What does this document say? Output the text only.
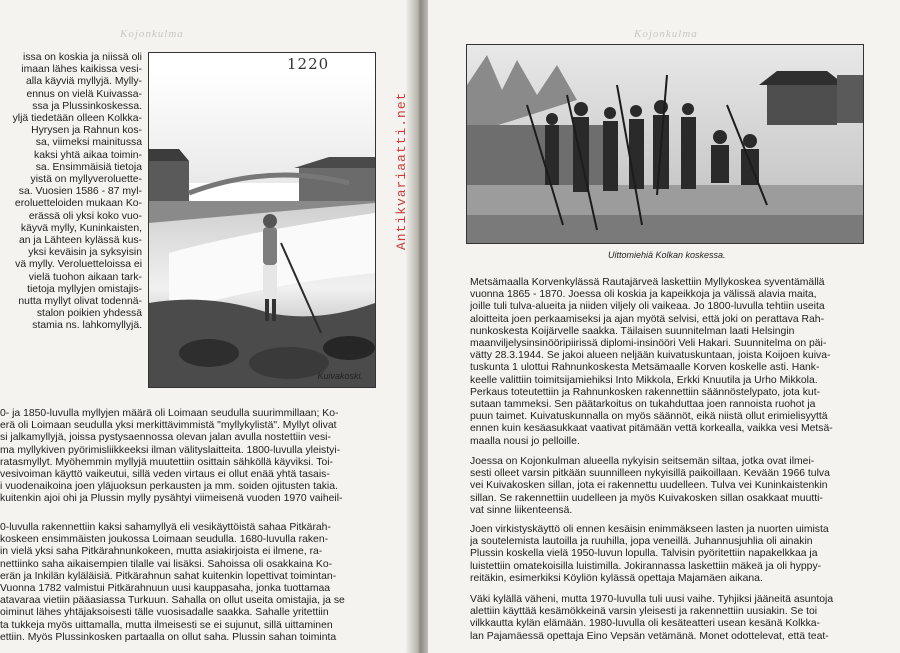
Kojonkulma
issa on koskia ja niissä oli
imaan lähes kaikissa vesi-
alla käyviä myllyjä. Mylly-
ennus on vielä Kuivassa-
ssa ja Plussinkoskessa.
yljä tiedetään olleen Kolkka-
Hyrysen ja Rahnun kos-
sa, viimeksi mainitussa
kaksi yhtä aikaa toimin-
sa. Ensimmäisiä tietoja
yistä on myllyveroluette-
sa. Vuosien 1586 - 87 myl-
eroluetteloiden mukaan Ko-
erässä oli yksi koko vuo-
käyvä mylly, Kuninkaisten,
an ja Lähteen kylässä kus-
yksi keväisin ja syksyisin
vä mylly. Veroluetteloissa ei
vielä tuohon aikaan tark-
tietoja myllyjen omistajis-
nutta myllyt olivat todennä-
stalon poikien yhdessä
stamia ns. lahkomyllyjä.
1220
Kuivakoski.
0- ja 1850-luvulla myllyjen määrä oli Loimaan seudulla suurimmillaan; Ko-
erä oli Loimaan seudulla yksi merkittävimmistä "myllykylistä". Myllyt olivat
si jalkamyllyjä, joissa pystysaennossa olevan jalan avulla nostettiin vesi-
ma myllykiven pyörimisliikkeeksi ilman välityslaitteita. 1800-luvulla yleistyi-
ratasmyllyt. Myöhemmin myllyjä muutettiin osittain sähköllä käyviksi. Toi-
vesivoiman käyttö vaikeutui, sillä veden virtaus ei ollut enää yhtä tasais-
i vuodenaikoina joen yläjuoksun perkausten ja mm. soiden ojitusten takia.
kuitenkin ajoi ohi ja Plussin mylly pysähtyi viimeisenä vuoden 1970 vaiheil-
0-luvulla rakennettiin kaksi sahamyllyä eli vesikäyttöistä sahaa Pitkärah-
koskeen ensimmäisten joukossa Loimaan seudulla. 1680-luvulla raken-
in vielä yksi saha Pitkärahnunkokeen, mutta asiakirjoista ei ilmene, ra-
nettiinko saha aikaisempien tilalle vai lisäksi. Sahoissa oli osakkaina Ko-
erän ja Inkilän kyläläisiä. Pitkärahnun sahat kuitenkin lopettivat toimintan-
Vuonna 1782 valmistui Pitkärahnuun uusi kauppasaha, jonka tuottamaa
atavaraa vietiin pääasiassa Turkuun. Sahalla on ollut useita omistajia, ja se
oiminut lähes yhtäjaksoisesti tälle vuosisadalle saakka. Sahalle yritettiin
ta tukkeja myös uittamalla, mutta ilmeisesti se ei sujunut, sillä uittaminen
ettiin. Myös Plussinkosken partaalla on ollut saha. Plussin sahan toiminta
Kojonkulma
Uittomiehiä Kolkan koskessa.
Metsämaalla Korvenkylässä Rautajärveä laskettiin Myllykoskea syventämällä
vuonna 1865 - 1870. Joessa oli koskia ja kapeikkoja ja välissä alavia maita,
joille tuli tulva-alueita ja niiden viljely oli vaikeaa. Jo 1800-luvulla tehtiin useita
aloitteita joen perkaamiseksi ja ajan myötä selvisi, että joki on perattava Rah-
nunkoskesta Koijärvelle saakka. Täilaisen suunnitelman laati Helsingin
maanviljelysinsinööripiirissä diplomi-insinööri Veli Hakari. Suunnitelma on päi-
vätty 28.3.1944. Se jakoi alueen neljään kuivatuskuntaan, joista Koijoen kuiva-
tuskunta 1 ulottui Rahnunkoskesta Metsämaalle Korven koskelle asti. Hank-
keelle valittiin toimitsijamiehiksi Into Mikkola, Erkki Knuutila ja Urho Mikkola.
Perkaus toteutettiin ja Rahnunkosken rakennettiin säännöstelypato, jota kut-
sutaan tammeksi. Sen päätarkoitus on tukahduttaa joen rannoista ruohot ja
puun taimet. Kuivatuskunnalla on myös säännöt, eikä niistä ollut erimielisyyttä
ennen kuin kesäasukkaat vaativat pitämään vettä korkealla, vaikka vesi Metsä-
maalla nousi jo pelloille.
Joessa on Kojonkulman alueella nykyisin seitsemän siltaa, jotka ovat ilmei-
sesti olleet varsin pitkään suunnilleen nykyisillä paikoillaan. Kevään 1966 tulva
vei Kuivakosken sillan, jota ei rakennettu uudelleen. Tulva vei Kuninkaistenkin
sillan. Se rakennettiin uudelleen ja myös Kuivakosken sillan osakkaat muutti-
vat sinne liikenteensä.
Joen virkistyskäyttö oli ennen kesäisin enimmäkseen lasten ja nuorten uimista
ja soutelemista lautoilla ja ruuhilla, jopa veneillä. Juhannusjuhlia oli ainakin
Plussin koskella vielä 1950-luvun lopulla. Talvisin pyöritettiin napakelkkaa ja
luistettiin omatekoisilla luistimilla. Jokirannassa laskettiin mäkeä ja oli hyppy-
reitäkin, esimerkiksi Köyliön kylässä opettaja Majamäen aikana.
Väki kylällä väheni, mutta 1970-luvulla tuli uusi vaihe. Tyhjiksi jääneitä asuntoja
alettiin käyttää kesämökkeinä varsin yleisesti ja rakennettiin uusiakin. Se toi
vilkkautta kylän elämään. 1980-luvulla oli kesäteatteri usean kesänä Kolkka-
lan Pajamäessä opettaja Eino Vepsän vetämänä. Monet odottelevat, että teat-
Antikvariaatti.net
